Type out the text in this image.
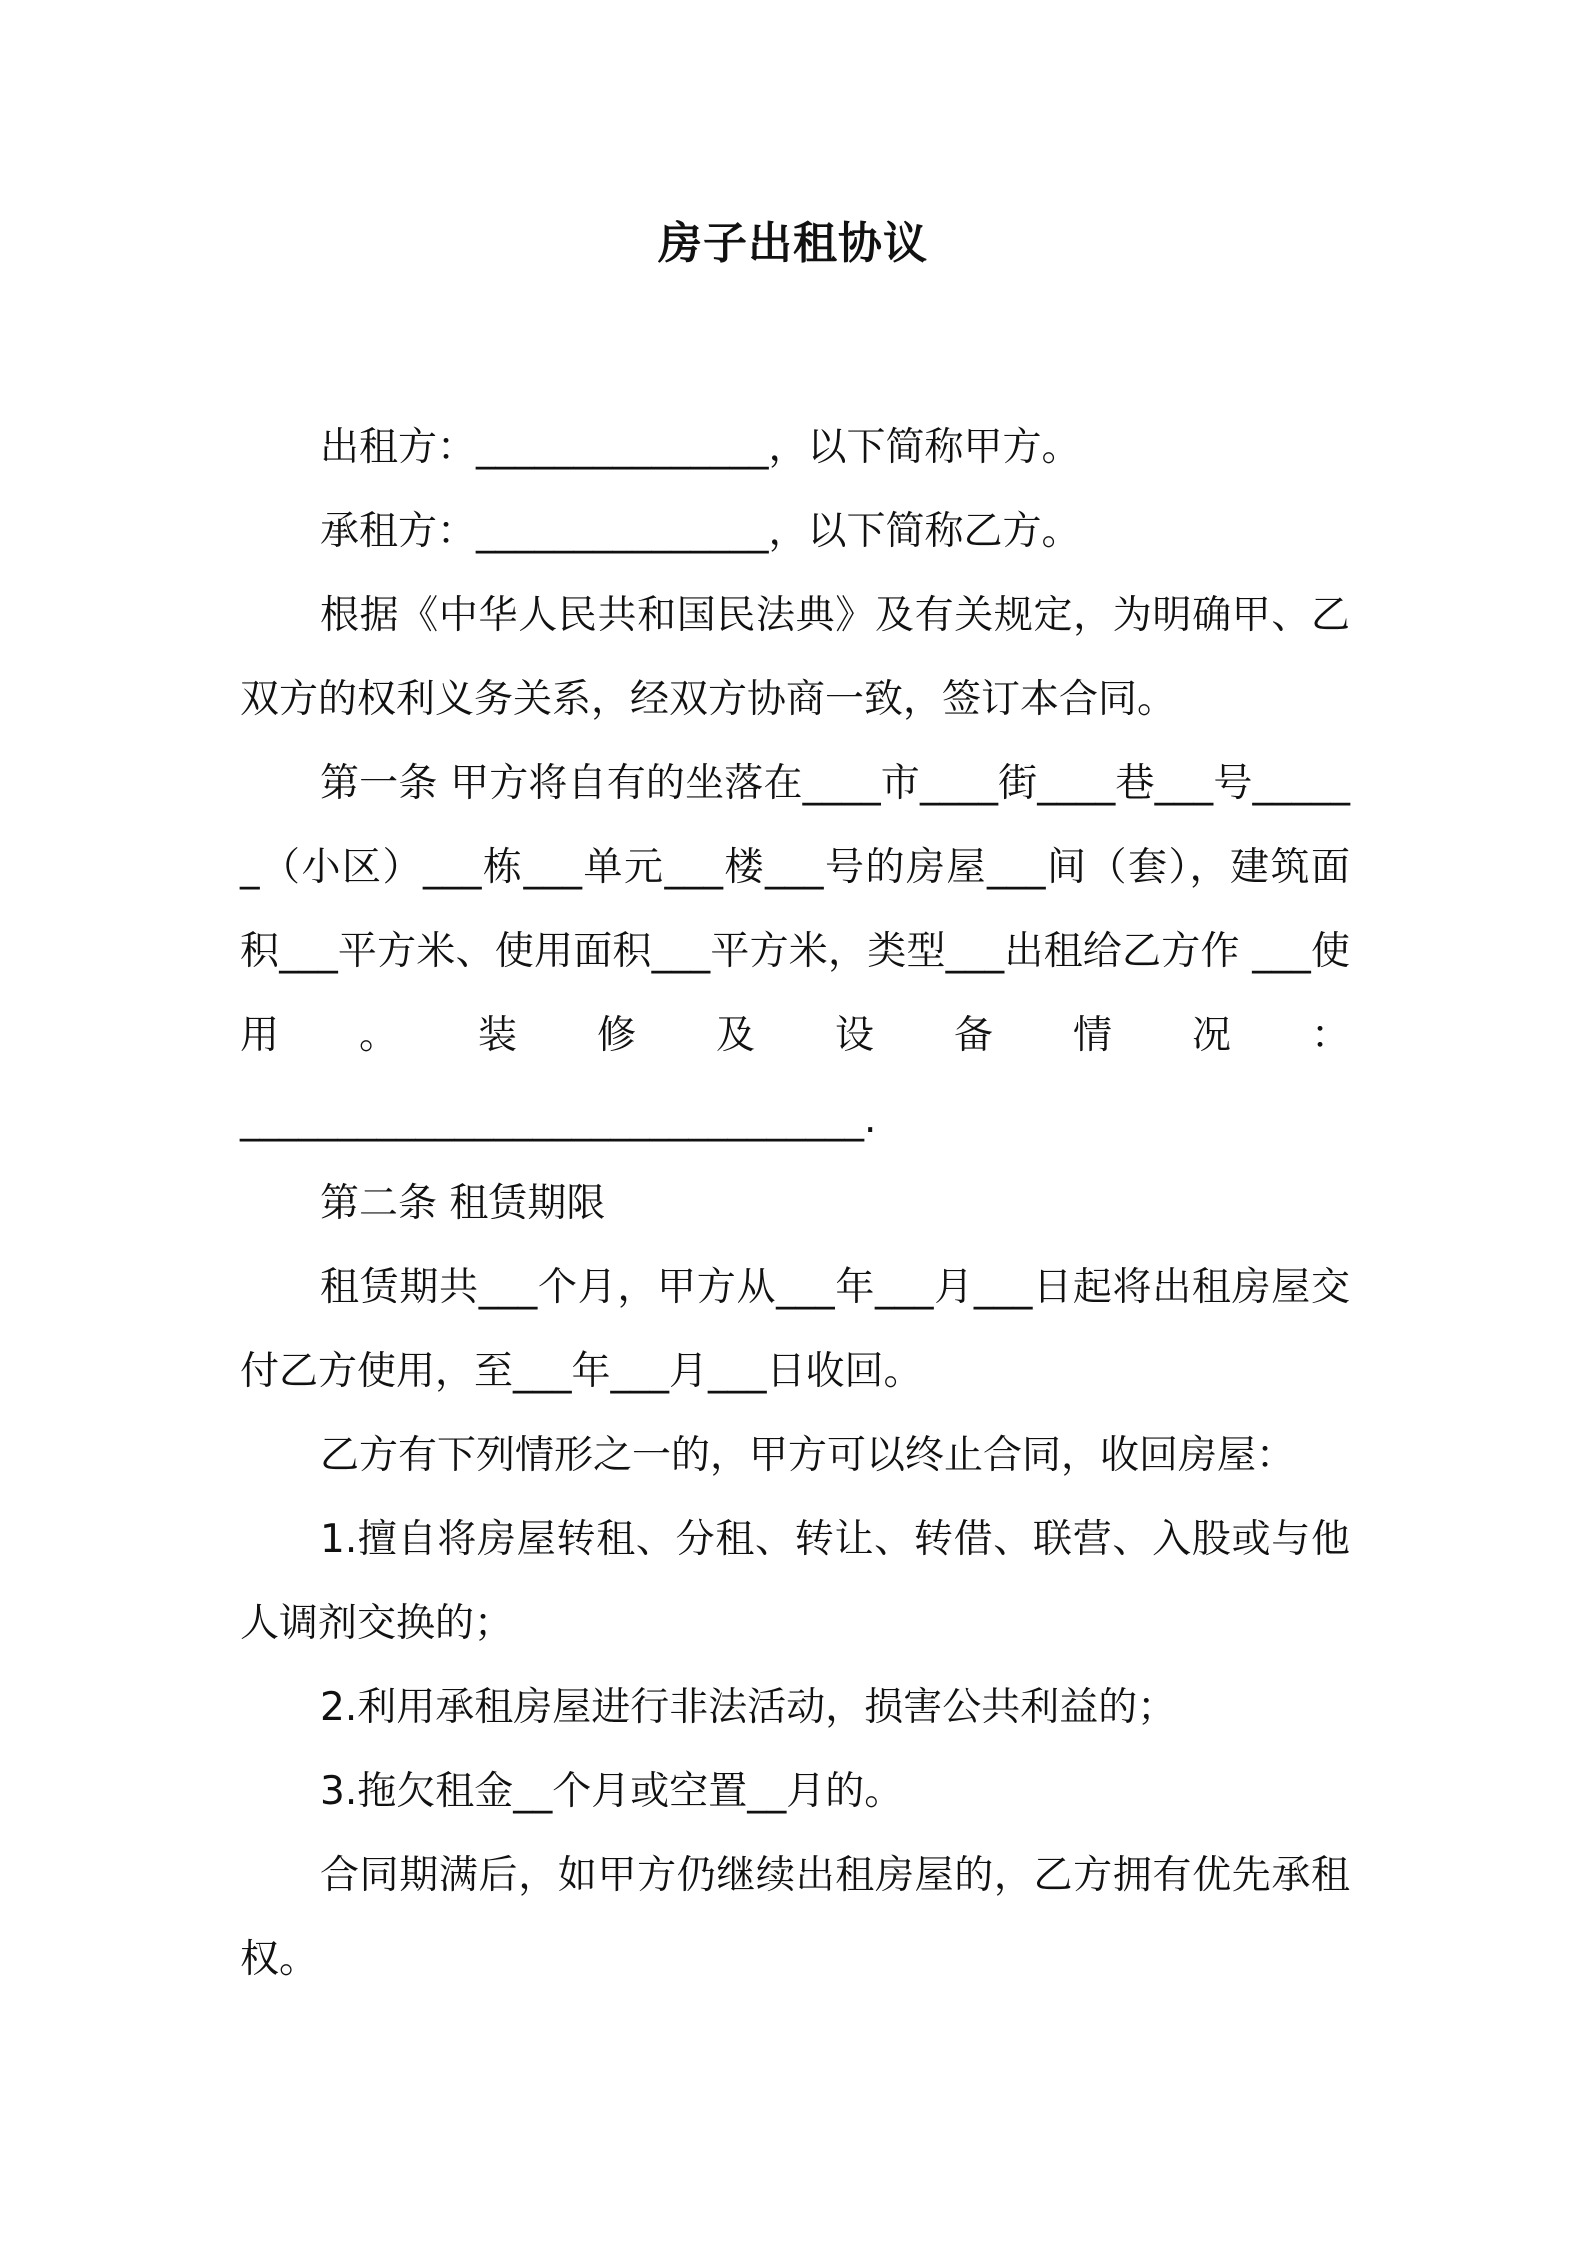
房子出租协议

出租方：_______________，以下简称甲方。

承租方：_______________，以下简称乙方。

根据《中华人民共和国民法典》及有关规定，为明确甲、乙双方的权利义务关系，经双方协商一致，签订本合同。

第一条 甲方将自有的坐落在____市____街____巷___号______（小区）___栋___单元___楼___号的房屋___间（套），建筑面积___平方米、使用面积___平方米，类型___出租给乙方作 ___使 用 。 装 修 及 设 备 情 况 ：

________________________________.

第二条 租赁期限

租赁期共___个月，甲方从___年___月___日起将出租房屋交付乙方使用，至___年___月___日收回。

乙方有下列情形之一的，甲方可以终止合同，收回房屋：

1.擅自将房屋转租、分租、转让、转借、联营、入股或与他人调剂交换的；

2.利用承租房屋进行非法活动，损害公共利益的；

3.拖欠租金__个月或空置__月的。

合同期满后，如甲方仍继续出租房屋的，乙方拥有优先承租权。
